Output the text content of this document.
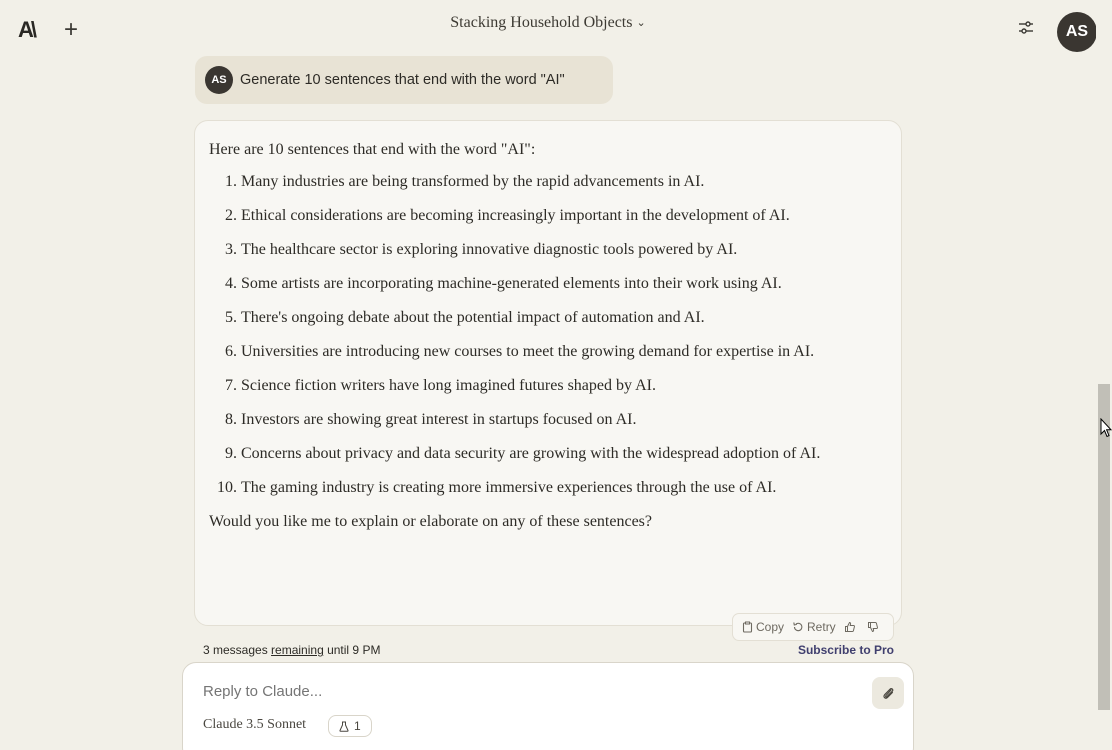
A\ +	Stacking Household Objects ⌄	AS
AS Generate 10 sentences that end with the word "AI"
Here are 10 sentences that end with the word "AI":
1. Many industries are being transformed by the rapid advancements in AI.
2. Ethical considerations are becoming increasingly important in the development of AI.
3. The healthcare sector is exploring innovative diagnostic tools powered by AI.
4. Some artists are incorporating machine-generated elements into their work using AI.
5. There's ongoing debate about the potential impact of automation and AI.
6. Universities are introducing new courses to meet the growing demand for expertise in AI.
7. Science fiction writers have long imagined futures shaped by AI.
8. Investors are showing great interest in startups focused on AI.
9. Concerns about privacy and data security are growing with the widespread adoption of AI.
10. The gaming industry is creating more immersive experiences through the use of AI.
Would you like me to explain or elaborate on any of these sentences?
Copy Retry
3 messages remaining until 9 PM	Subscribe to Pro
Reply to Claude...
Claude 3.5 Sonnet	1
